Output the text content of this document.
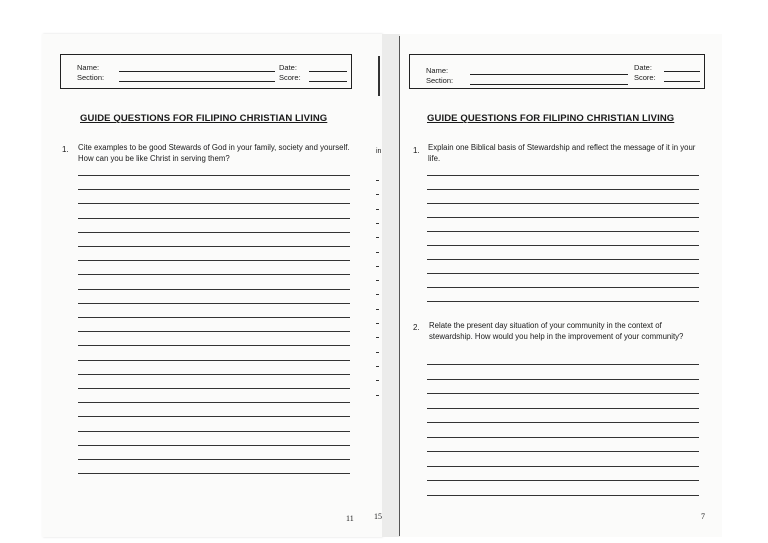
Name:
Section:
Date:
Score:
GUIDE QUESTIONS FOR FILIPINO CHRISTIAN LIVING
1. Cite examples to be good Stewards of God in your family, society and yourself. How can you be like Christ in serving them?
11
in
15
Name:
Section:
Date:
Score:
GUIDE QUESTIONS FOR FILIPINO CHRISTIAN LIVING
1. Explain one Biblical basis of Stewardship and reflect the message of it in your life.
2. Relate the present day situation of your community in the context of stewardship. How would you help in the improvement of your community?
7
